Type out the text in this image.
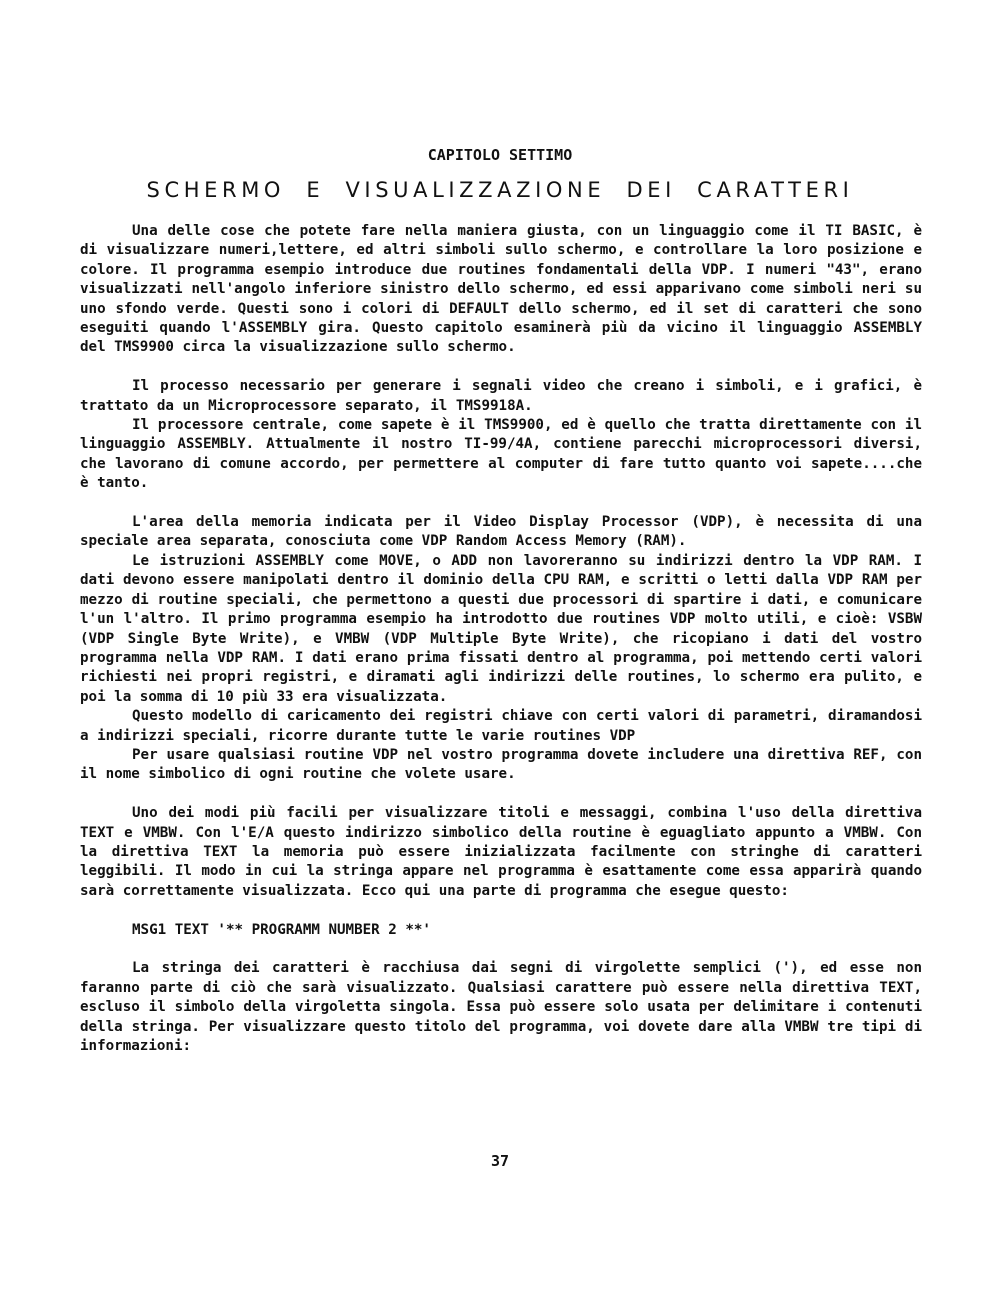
CAPITOLO SETTIMO
SCHERMO E VISUALIZZAZIONE DEI CARATTERI

Una delle cose che potete fare nella maniera giusta, con un linguaggio come il TI BASIC, è di visualizzare numeri,lettere, ed altri simboli sullo schermo, e controllare la loro posizione e colore. Il programma esempio introduce due routines fondamentali della VDP. I numeri "43", erano visualizzati nell'angolo inferiore sinistro dello schermo, ed essi apparivano come simboli neri su uno sfondo verde. Questi sono i colori di DEFAULT dello schermo, ed il set di caratteri che sono eseguiti quando l'ASSEMBLY gira. Questo capitolo esaminerà più da vicino il linguaggio ASSEMBLY del TMS9900 circa la visualizzazione sullo schermo.

Il processo necessario per generare i segnali video che creano i simboli, e i grafici, è trattato da un Microprocessore separato, il TMS9918A.

Il processore centrale, come sapete è il TMS9900, ed è quello che tratta direttamente con il linguaggio ASSEMBLY. Attualmente il nostro TI-99/4A, contiene parecchi microprocessori diversi, che lavorano di comune accordo, per permettere al computer di fare tutto quanto voi sapete....che è tanto.

L'area della memoria indicata per il Video Display Processor (VDP), è necessita di una speciale area separata, conosciuta come VDP Random Access Memory (RAM).

Le istruzioni ASSEMBLY come MOVE, o ADD non lavoreranno su indirizzi dentro la VDP RAM. I dati devono essere manipolati dentro il dominio della CPU RAM, e scritti o letti dalla VDP RAM per mezzo di routine speciali, che permettono a questi due processori di spartire i dati, e comunicare l'un l'altro. Il primo programma esempio ha introdotto due routines VDP molto utili, e cioè: VSBW (VDP Single Byte Write), e VMBW (VDP Multiple Byte Write), che ricopiano i dati del vostro programma nella VDP RAM. I dati erano prima fissati dentro al programma, poi mettendo certi valori richiesti nei propri registri, e diramati agli indirizzi delle routines, lo schermo era pulito, e poi la somma di 10 più 33 era visualizzata.

Questo modello di caricamento dei registri chiave con certi valori di parametri, diramandosi a indirizzi speciali, ricorre durante tutte le varie routines VDP

Per usare qualsiasi routine VDP nel vostro programma dovete includere una direttiva REF, con il nome simbolico di ogni routine che volete usare.

Uno dei modi più facili per visualizzare titoli e messaggi, combina l'uso della direttiva TEXT e VMBW. Con l'E/A questo indirizzo simbolico della routine è eguagliato appunto a VMBW. Con la direttiva TEXT la memoria può essere inizializzata facilmente con stringhe di caratteri leggibili. Il modo in cui la stringa appare nel programma è esattamente come essa apparirà quando sarà correttamente visualizzata. Ecco qui una parte di programma che esegue questo:

MSG1 TEXT '** PROGRAMM NUMBER 2 **'

La stringa dei caratteri è racchiusa dai segni di virgolette semplici ('), ed esse non faranno parte di ciò che sarà visualizzato. Qualsiasi carattere può essere nella direttiva TEXT, escluso il simbolo della virgoletta singola. Essa può essere solo usata per delimitare i contenuti della stringa. Per visualizzare questo titolo del programma, voi dovete dare alla VMBW tre tipi di informazioni:

37
